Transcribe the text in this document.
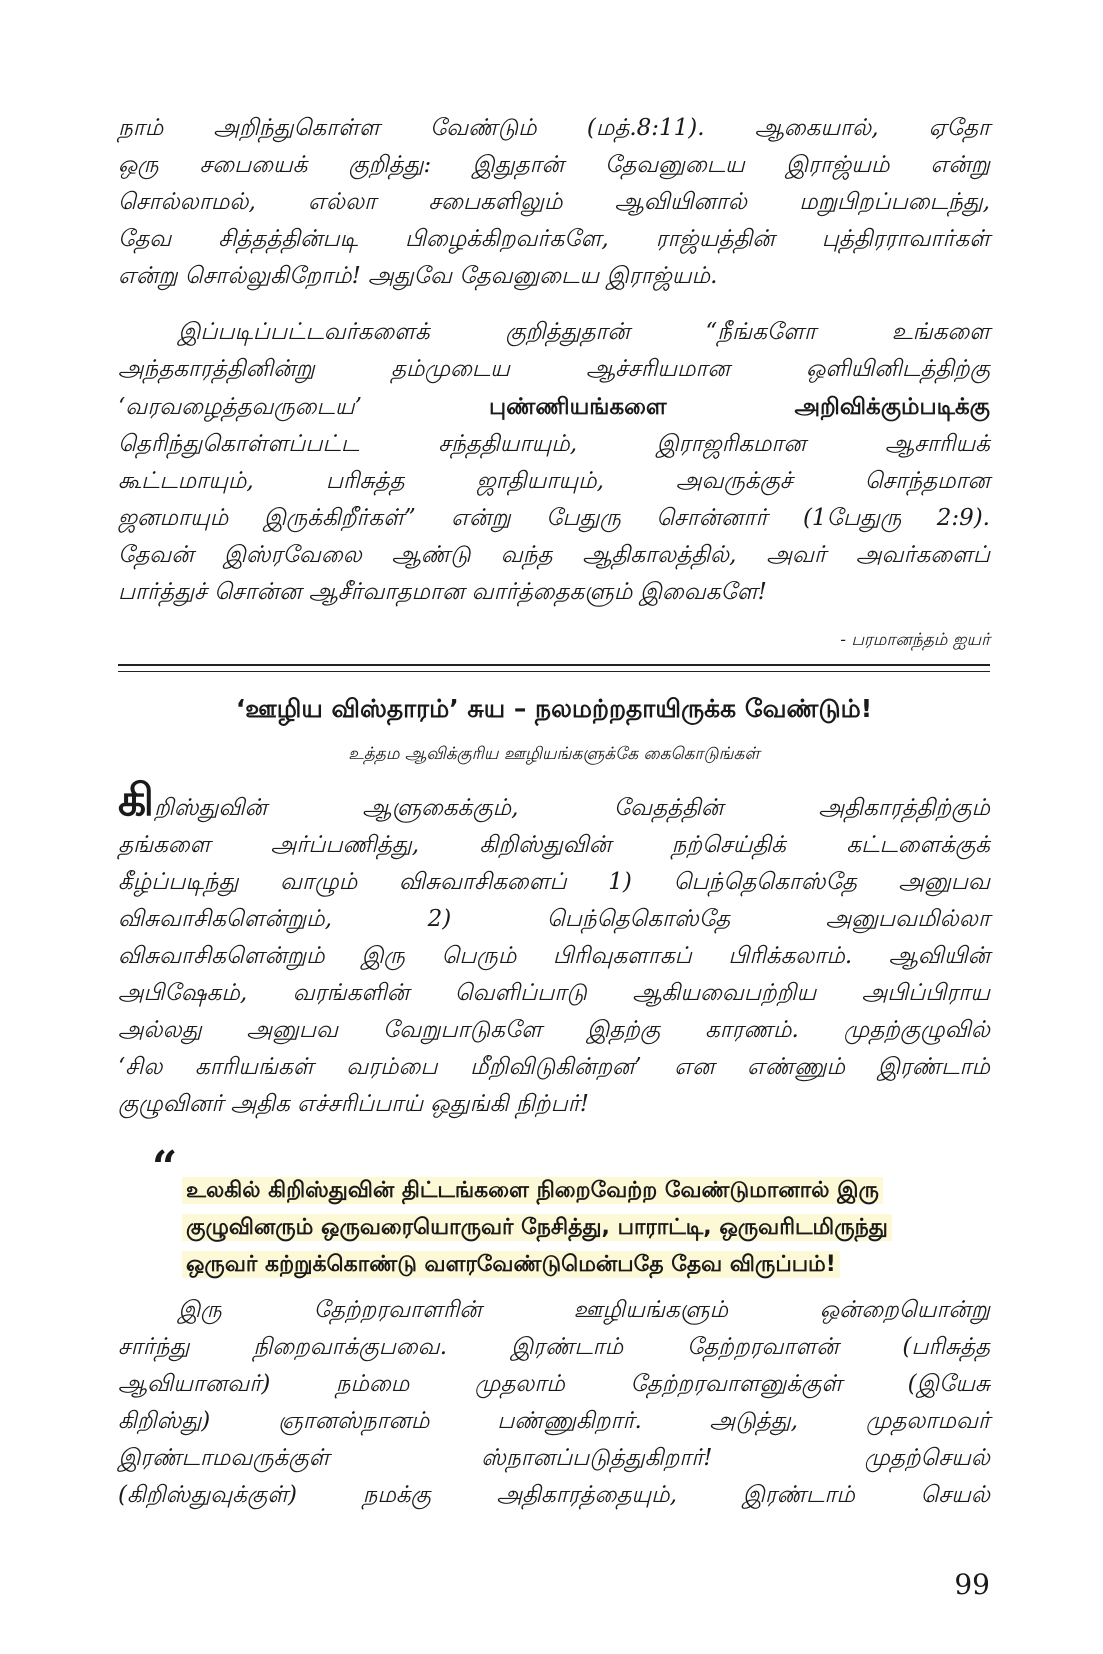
நாம் அறிந்துகொள்ள வேண்டும் (மத்.8:11). ஆகையால், ஏதோ
ஒரு சபையைக் குறித்து: இதுதான் தேவனுடைய இராஜ்யம் என்று
சொல்லாமல், எல்லா சபைகளிலும் ஆவியினால் மறுபிறப்படைந்து,
தேவ சித்தத்தின்படி பிழைக்கிறவர்களே, ராஜ்யத்தின் புத்திரராவார்கள்
என்று சொல்லுகிறோம்! அதுவே தேவனுடைய இராஜ்யம்.
இப்படிப்பட்டவர்களைக் குறித்துதான் “நீங்களோ உங்களை
அந்தகாரத்தினின்று தம்முடைய ஆச்சரியமான ஒளியினிடத்திற்கு
‘வரவழைத்தவருடைய’ புண்ணியங்களை அறிவிக்கும்படிக்கு
தெரிந்துகொள்ளப்பட்ட சந்ததியாயும், இராஜரிகமான ஆசாரியக்
கூட்டமாயும், பரிசுத்த ஜாதியாயும், அவருக்குச் சொந்தமான
ஜனமாயும் இருக்கிறீர்கள்” என்று பேதுரு சொன்னார் (1பேதுரு 2:9).
தேவன் இஸ்ரவேலை ஆண்டு வந்த ஆதிகாலத்தில், அவர் அவர்களைப்
பார்த்துச் சொன்ன ஆசீர்வாதமான வார்த்தைகளும் இவைகளே!
- பரமானந்தம் ஐயர்
‘ஊழிய விஸ்தாரம்’ சுய – நலமற்றதாயிருக்க வேண்டும்!
உத்தம ஆவிக்குரிய ஊழியங்களுக்கே கைகொடுங்கள்
கிறிஸ்துவின் ஆளுகைக்கும், வேதத்தின் அதிகாரத்திற்கும்
தங்களை அர்ப்பணித்து, கிறிஸ்துவின் நற்செய்திக் கட்டளைக்குக்
கீழ்ப்படிந்து வாழும் விசுவாசிகளைப் 1) பெந்தெகொஸ்தே அனுபவ
விசுவாசிகளென்றும், 2) பெந்தெகொஸ்தே அனுபவமில்லா
விசுவாசிகளென்றும் இரு பெரும் பிரிவுகளாகப் பிரிக்கலாம். ஆவியின்
அபிஷேகம், வரங்களின் வெளிப்பாடு ஆகியவைபற்றிய அபிப்பிராய
அல்லது அனுபவ வேறுபாடுகளே இதற்கு காரணம். முதற்குழுவில்
‘சில காரியங்கள் வரம்பை மீறிவிடுகின்றன’ என எண்ணும் இரண்டாம்
குழுவினர் அதிக எச்சரிப்பாய் ஒதுங்கி நிற்பர்!
“ உலகில் கிறிஸ்துவின் திட்டங்களை நிறைவேற்ற வேண்டுமானால் இரு
குழுவினரும் ஒருவரையொருவர் நேசித்து, பாராட்டி, ஒருவரிடமிருந்து
ஒருவர் கற்றுக்கொண்டு வளரவேண்டுமென்பதே தேவ விருப்பம்!
இரு தேற்றரவாளரின் ஊழியங்களும் ஒன்றையொன்று
சார்ந்து நிறைவாக்குபவை. இரண்டாம் தேற்றரவாளன் (பரிசுத்த
ஆவியானவர்) நம்மை முதலாம் தேற்றரவாளனுக்குள் (இயேசு
கிறிஸ்து) ஞானஸ்நானம் பண்ணுகிறார். அடுத்து, முதலாமவர்
இரண்டாமவருக்குள் ஸ்நானப்படுத்துகிறார்! முதற்செயல்
(கிறிஸ்துவுக்குள்) நமக்கு அதிகாரத்தையும், இரண்டாம் செயல்
99
